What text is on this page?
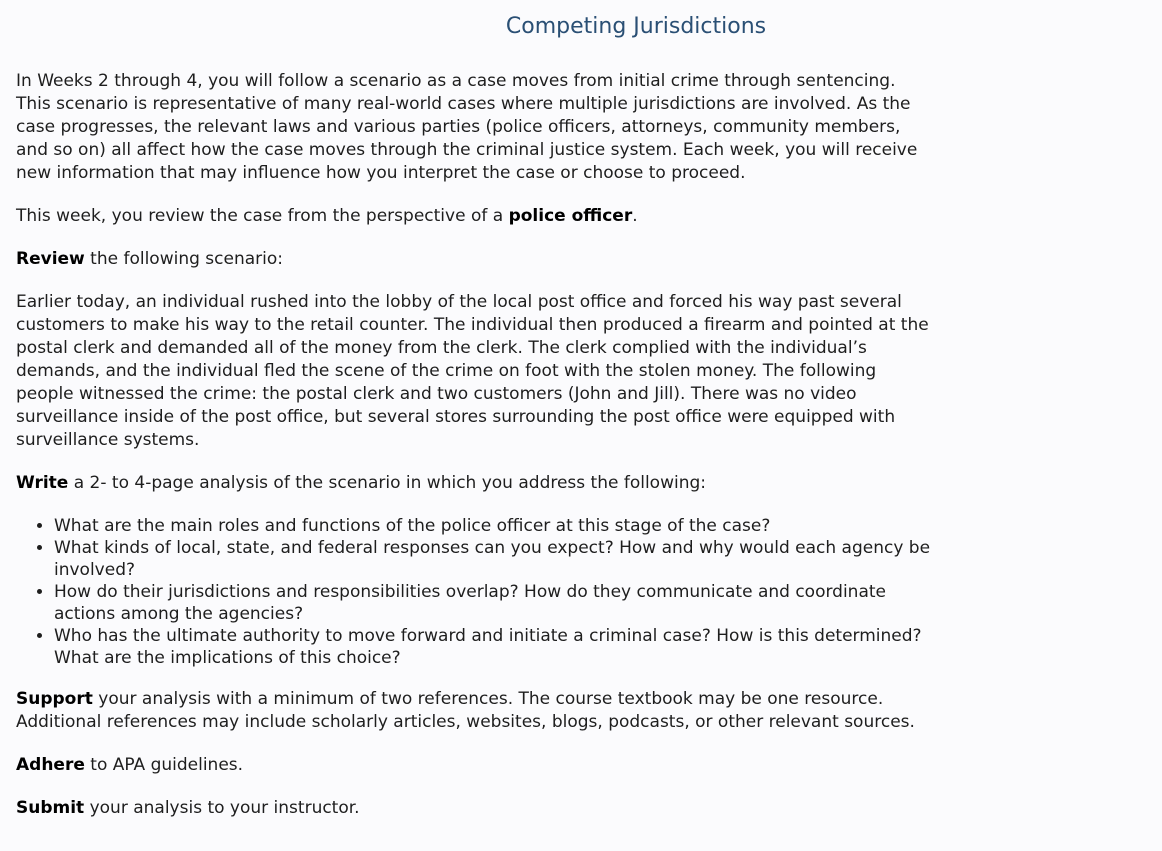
Competing Jurisdictions

In Weeks 2 through 4, you will follow a scenario as a case moves from initial crime through sentencing. This scenario is representative of many real-world cases where multiple jurisdictions are involved. As the case progresses, the relevant laws and various parties (police officers, attorneys, community members, and so on) all affect how the case moves through the criminal justice system. Each week, you will receive new information that may influence how you interpret the case or choose to proceed.

This week, you review the case from the perspective of a police officer.

Review the following scenario:

Earlier today, an individual rushed into the lobby of the local post office and forced his way past several customers to make his way to the retail counter. The individual then produced a firearm and pointed at the postal clerk and demanded all of the money from the clerk. The clerk complied with the individual’s demands, and the individual fled the scene of the crime on foot with the stolen money. The following people witnessed the crime: the postal clerk and two customers (John and Jill). There was no video surveillance inside of the post office, but several stores surrounding the post office were equipped with surveillance systems.

Write a 2- to 4-page analysis of the scenario in which you address the following:

• What are the main roles and functions of the police officer at this stage of the case?
• What kinds of local, state, and federal responses can you expect? How and why would each agency be involved?
• How do their jurisdictions and responsibilities overlap? How do they communicate and coordinate actions among the agencies?
• Who has the ultimate authority to move forward and initiate a criminal case? How is this determined? What are the implications of this choice?

Support your analysis with a minimum of two references. The course textbook may be one resource. Additional references may include scholarly articles, websites, blogs, podcasts, or other relevant sources.

Adhere to APA guidelines.

Submit your analysis to your instructor.
